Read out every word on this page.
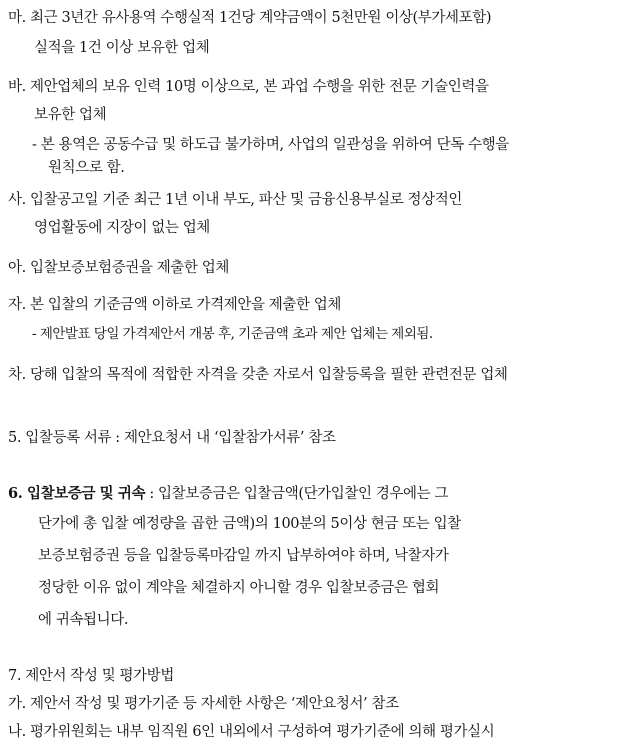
마. 최근 3년간 유사용역 수행실적 1건당 계약금액이 5천만원 이상(부가세포함)
실적을 1건 이상 보유한 업체
바. 제안업체의 보유 인력 10명 이상으로, 본 과업 수행을 위한 전문 기술인력을
보유한 업체
- 본 용역은 공동수급 및 하도급 불가하며, 사업의 일관성을 위하여 단독 수행을
원칙으로 함.
사. 입찰공고일 기준 최근 1년 이내 부도, 파산 및 금융신용부실로 정상적인
영업활동에 지장이 없는 업체
아. 입찰보증보험증권을 제출한 업체
자. 본 입찰의 기준금액 이하로 가격제안을 제출한 업체
- 제안발표 당일 가격제안서 개봉 후, 기준금액 초과 제안 업체는 제외됨.
차. 당해 입찰의 목적에 적합한 자격을 갖춘 자로서 입찰등록을 필한 관련전문 업체
5. 입찰등록 서류 : 제안요청서 내 ‘입찰참가서류’ 참조
6. 입찰보증금 및 귀속 : 입찰보증금은 입찰금액(단가입찰인 경우에는 그
단가에 총 입찰 예정량을 곱한 금액)의 100분의 5이상 현금 또는 입찰
보증보험증권 등을 입찰등록마감일 까지 납부하여야 하며, 낙찰자가
정당한 이유 없이 계약을 체결하지 아니할 경우 입찰보증금은 협회
에 귀속됩니다.
7. 제안서 작성 및 평가방법
가. 제안서 작성 및 평가기준 등 자세한 사항은 ‘제안요청서’ 참조
나. 평가위원회는 내부 임직원 6인 내외에서 구성하여 평가기준에 의해 평가실시
